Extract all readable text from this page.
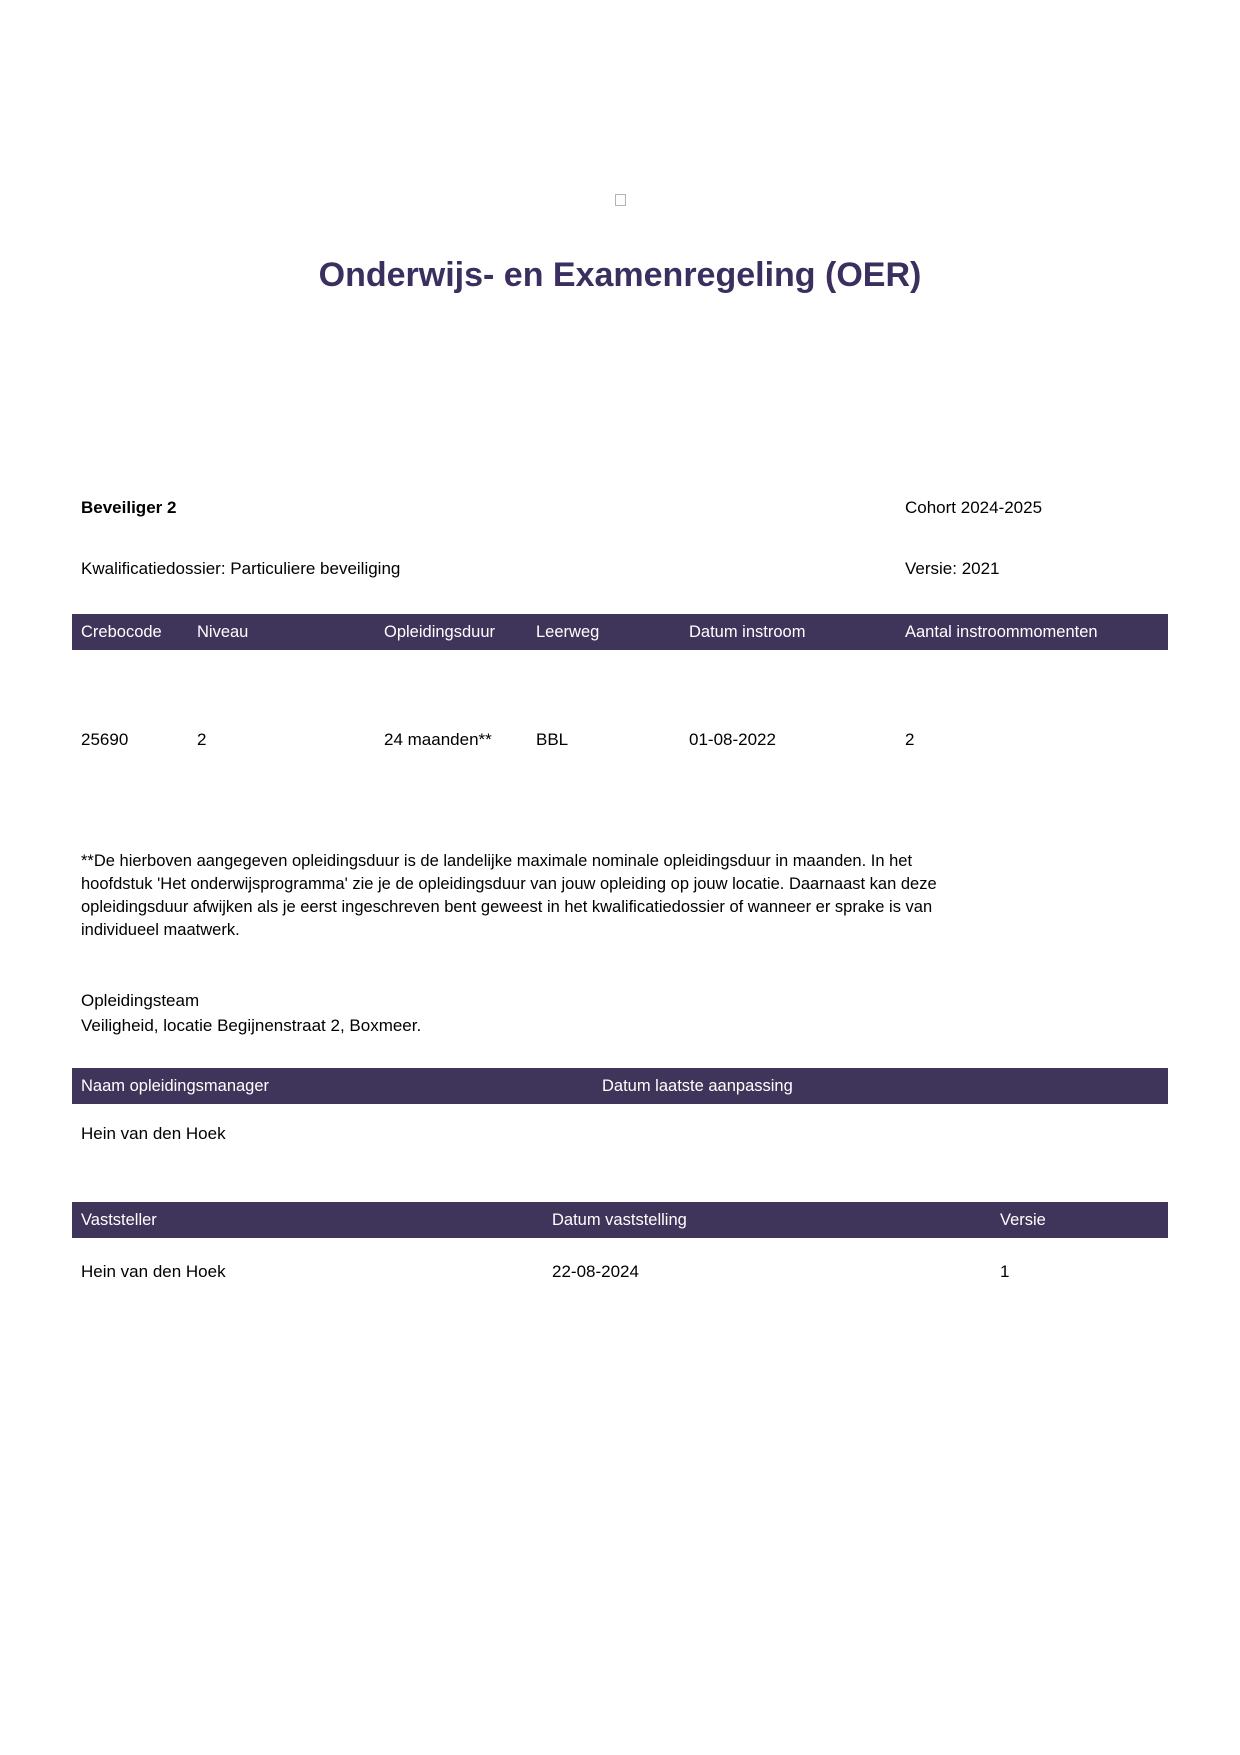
Onderwijs- en Examenregeling (OER)
Beveiliger 2	Cohort 2024-2025
Kwalificatiedossier: Particuliere beveiliging	Versie: 2021
Crebocode	Niveau	Opleidingsduur	Leerweg	Datum instroom	Aantal instroommomenten
25690	2	24 maanden**	BBL	01-08-2022	2
**De hierboven aangegeven opleidingsduur is de landelijke maximale nominale opleidingsduur in maanden. In het
hoofdstuk 'Het onderwijsprogramma' zie je de opleidingsduur van jouw opleiding op jouw locatie. Daarnaast kan deze
opleidingsduur afwijken als je eerst ingeschreven bent geweest in het kwalificatiedossier of wanneer er sprake is van
individueel maatwerk.
Opleidingsteam
Veiligheid, locatie Begijnenstraat 2, Boxmeer.
Naam opleidingsmanager	Datum laatste aanpassing
Hein van den Hoek
Vaststeller	Datum vaststelling	Versie
Hein van den Hoek	22-08-2024	1
